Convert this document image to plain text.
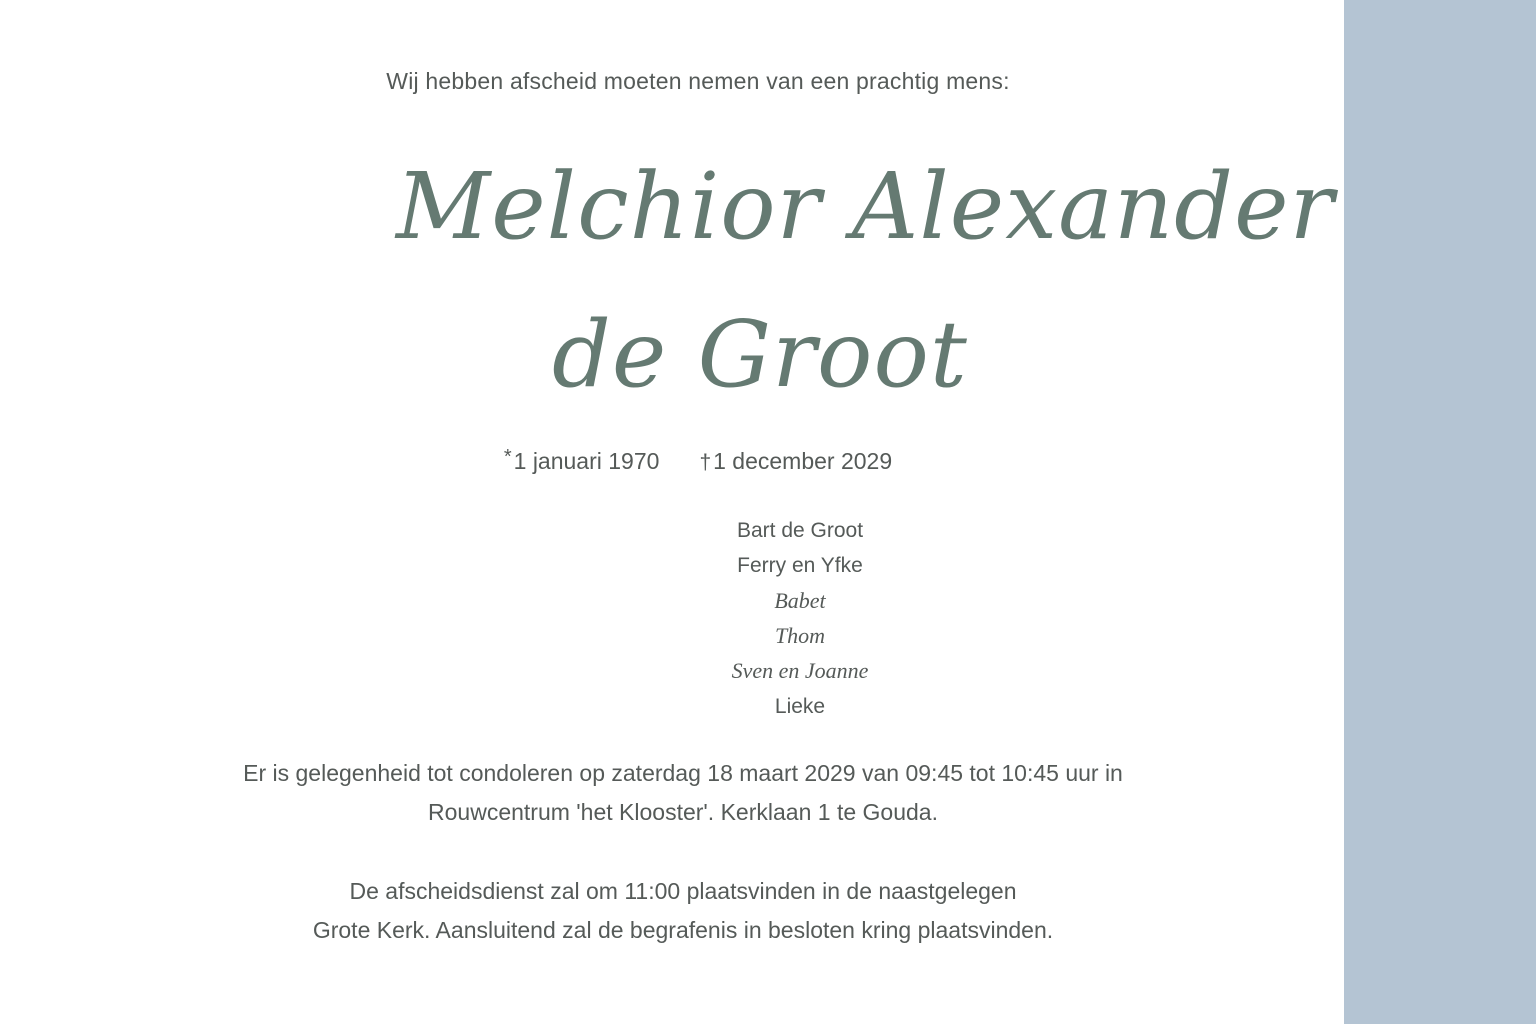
Wij hebben afscheid moeten nemen van een prachtig mens:
Melchior Alexander
de Groot
*1 januari 1970 †1 december 2029
Bart de Groot
Ferry en Yfke
Babet
Thom
Sven en Joanne
Lieke
Er is gelegenheid tot condoleren op zaterdag 18 maart 2029 van 09:45 tot 10:45 uur in
Rouwcentrum 'het Klooster'. Kerklaan 1 te Gouda.
De afscheidsdienst zal om 11:00 plaatsvinden in de naastgelegen
Grote Kerk. Aansluitend zal de begrafenis in besloten kring plaatsvinden.
